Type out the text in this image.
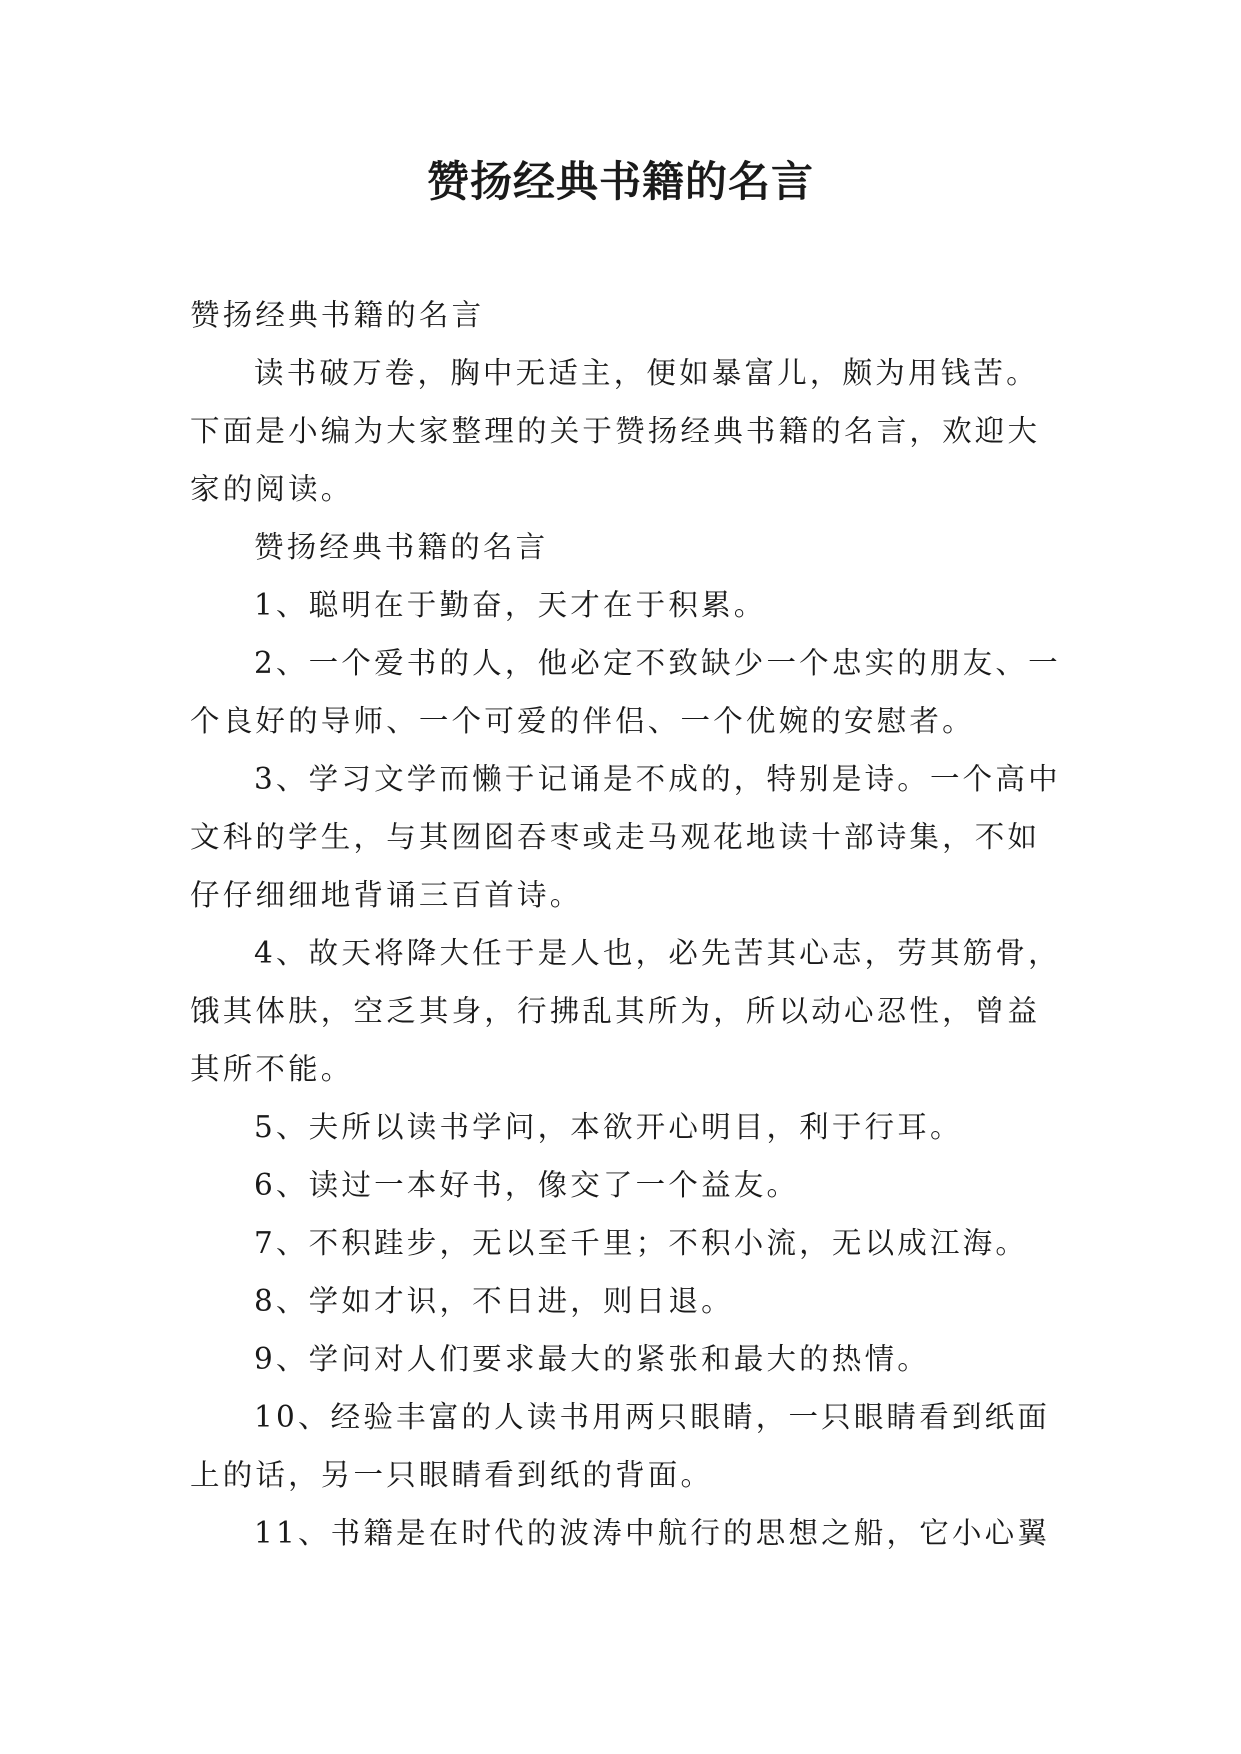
赞扬经典书籍的名言

赞扬经典书籍的名言

读书破万卷，胸中无适主，便如暴富儿，颇为用钱苦。下面是小编为大家整理的关于赞扬经典书籍的名言，欢迎大家的阅读。

赞扬经典书籍的名言

1、聪明在于勤奋，天才在于积累。

2、一个爱书的人，他必定不致缺少一个忠实的朋友、一个良好的导师、一个可爱的伴侣、一个优婉的安慰者。

3、学习文学而懒于记诵是不成的，特别是诗。一个高中文科的学生，与其囫囵吞枣或走马观花地读十部诗集，不如仔仔细细地背诵三百首诗。

4、故天将降大任于是人也，必先苦其心志，劳其筋骨，饿其体肤，空乏其身，行拂乱其所为，所以动心忍性，曾益其所不能。

5、夫所以读书学问，本欲开心明目，利于行耳。

6、读过一本好书，像交了一个益友。

7、不积跬步，无以至千里；不积小流，无以成江海。

8、学如才识，不日进，则日退。

9、学问对人们要求最大的紧张和最大的热情。

10、经验丰富的人读书用两只眼睛，一只眼睛看到纸面上的话，另一只眼睛看到纸的背面。

11、书籍是在时代的波涛中航行的思想之船，它小心翼
